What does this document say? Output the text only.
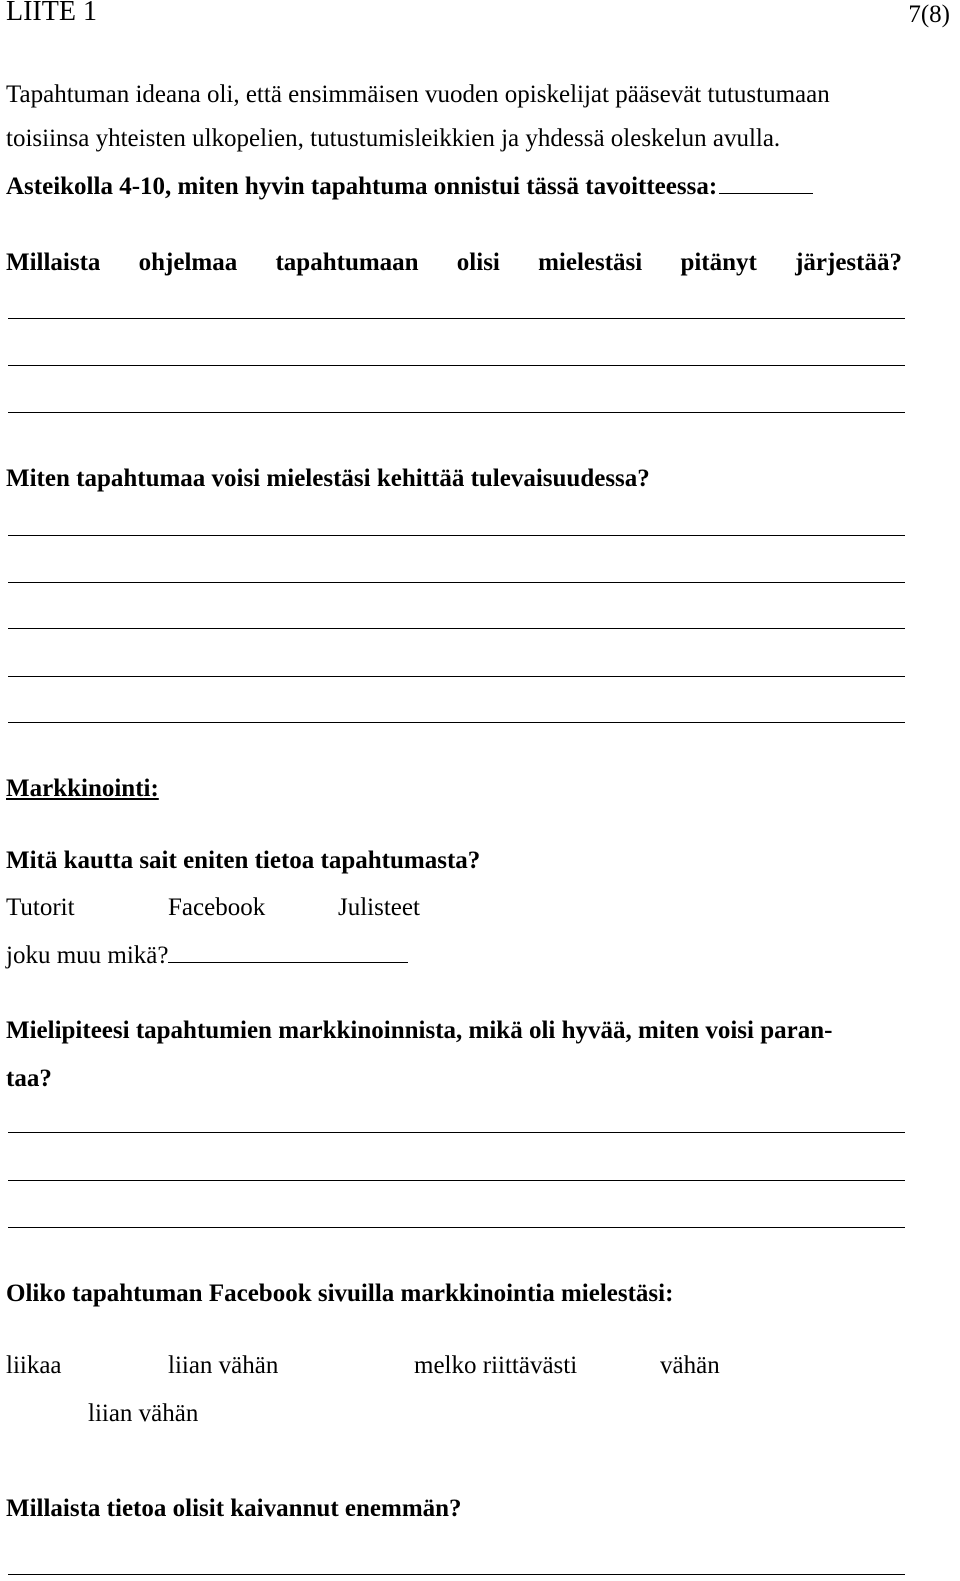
LIITE 1	7(8)
Tapahtuman ideana oli, että ensimmäisen vuoden opiskelijat pääsevät tutustumaan
toisiinsa yhteisten ulkopelien, tutustumisleikkien ja yhdessä oleskelun avulla.
Asteikolla 4-10, miten hyvin tapahtuma onnistui tässä tavoitteessa:
Millaista ohjelmaa tapahtumaan olisi mielestäsi pitänyt järjestää?
Miten tapahtumaa voisi mielestäsi kehittää tulevaisuudessa?
Markkinointi:
Mitä kautta sait eniten tietoa tapahtumasta?
Tutorit	Facebook	Julisteet
joku muu mikä?
Mielipiteesi tapahtumien markkinoinnista, mikä oli hyvää, miten voisi paran-
taa?
Oliko tapahtuman Facebook sivuilla markkinointia mielestäsi:
liikaa	liian vähän	melko riittävästi	vähän
liian vähän
Millaista tietoa olisit kaivannut enemmän?
